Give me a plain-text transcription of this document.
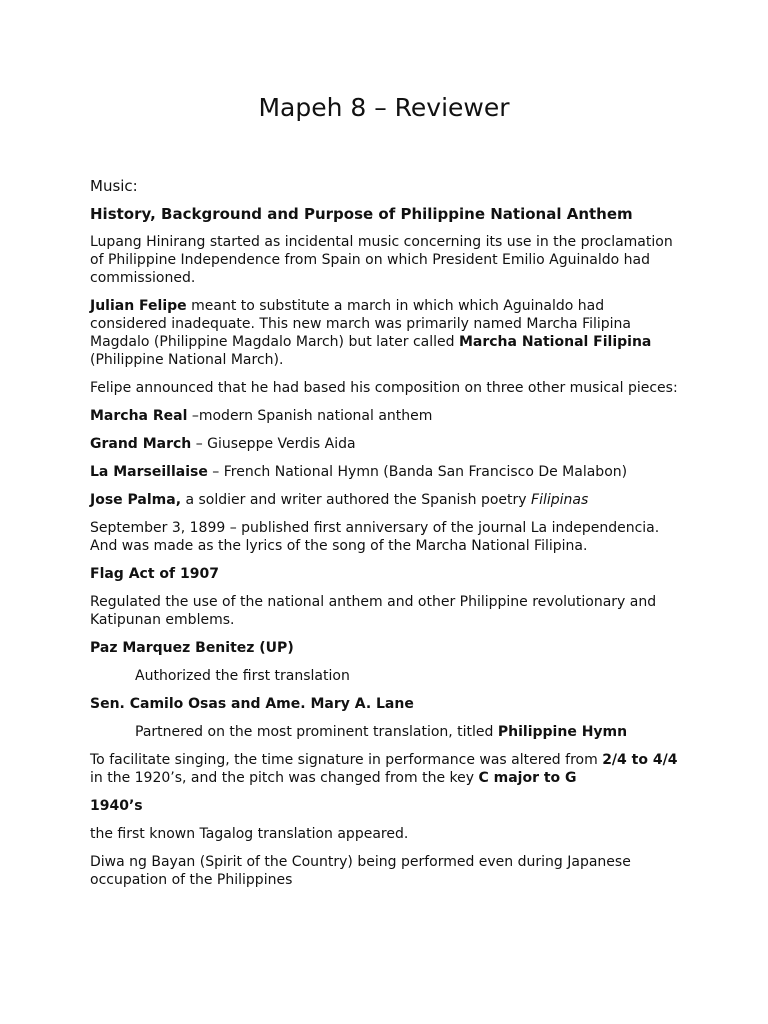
Mapeh 8 – Reviewer

Music:

History, Background and Purpose of Philippine National Anthem

Lupang Hinirang started as incidental music concerning its use in the proclamation of Philippine Independence from Spain on which President Emilio Aguinaldo had commissioned.

Julian Felipe meant to substitute a march in which which Aguinaldo had considered inadequate. This new march was primarily named Marcha Filipina Magdalo (Philippine Magdalo March) but later called Marcha National Filipina (Philippine National March).

Felipe announced that he had based his composition on three other musical pieces:

Marcha Real –modern Spanish national anthem

Grand March – Giuseppe Verdis Aida

La Marseillaise – French National Hymn (Banda San Francisco De Malabon)

Jose Palma, a soldier and writer authored the Spanish poetry Filipinas

September 3, 1899 – published first anniversary of the journal La independencia. And was made as the lyrics of the song of the Marcha National Filipina.

Flag Act of 1907

Regulated the use of the national anthem and other Philippine revolutionary and Katipunan emblems.

Paz Marquez Benitez (UP)

Authorized the first translation

Sen. Camilo Osas and Ame. Mary A. Lane

Partnered on the most prominent translation, titled Philippine Hymn

To facilitate singing, the time signature in performance was altered from 2/4 to 4/4 in the 1920’s, and the pitch was changed from the key C major to G

1940’s

the first known Tagalog translation appeared.

Diwa ng Bayan (Spirit of the Country) being performed even during Japanese occupation of the Philippines
